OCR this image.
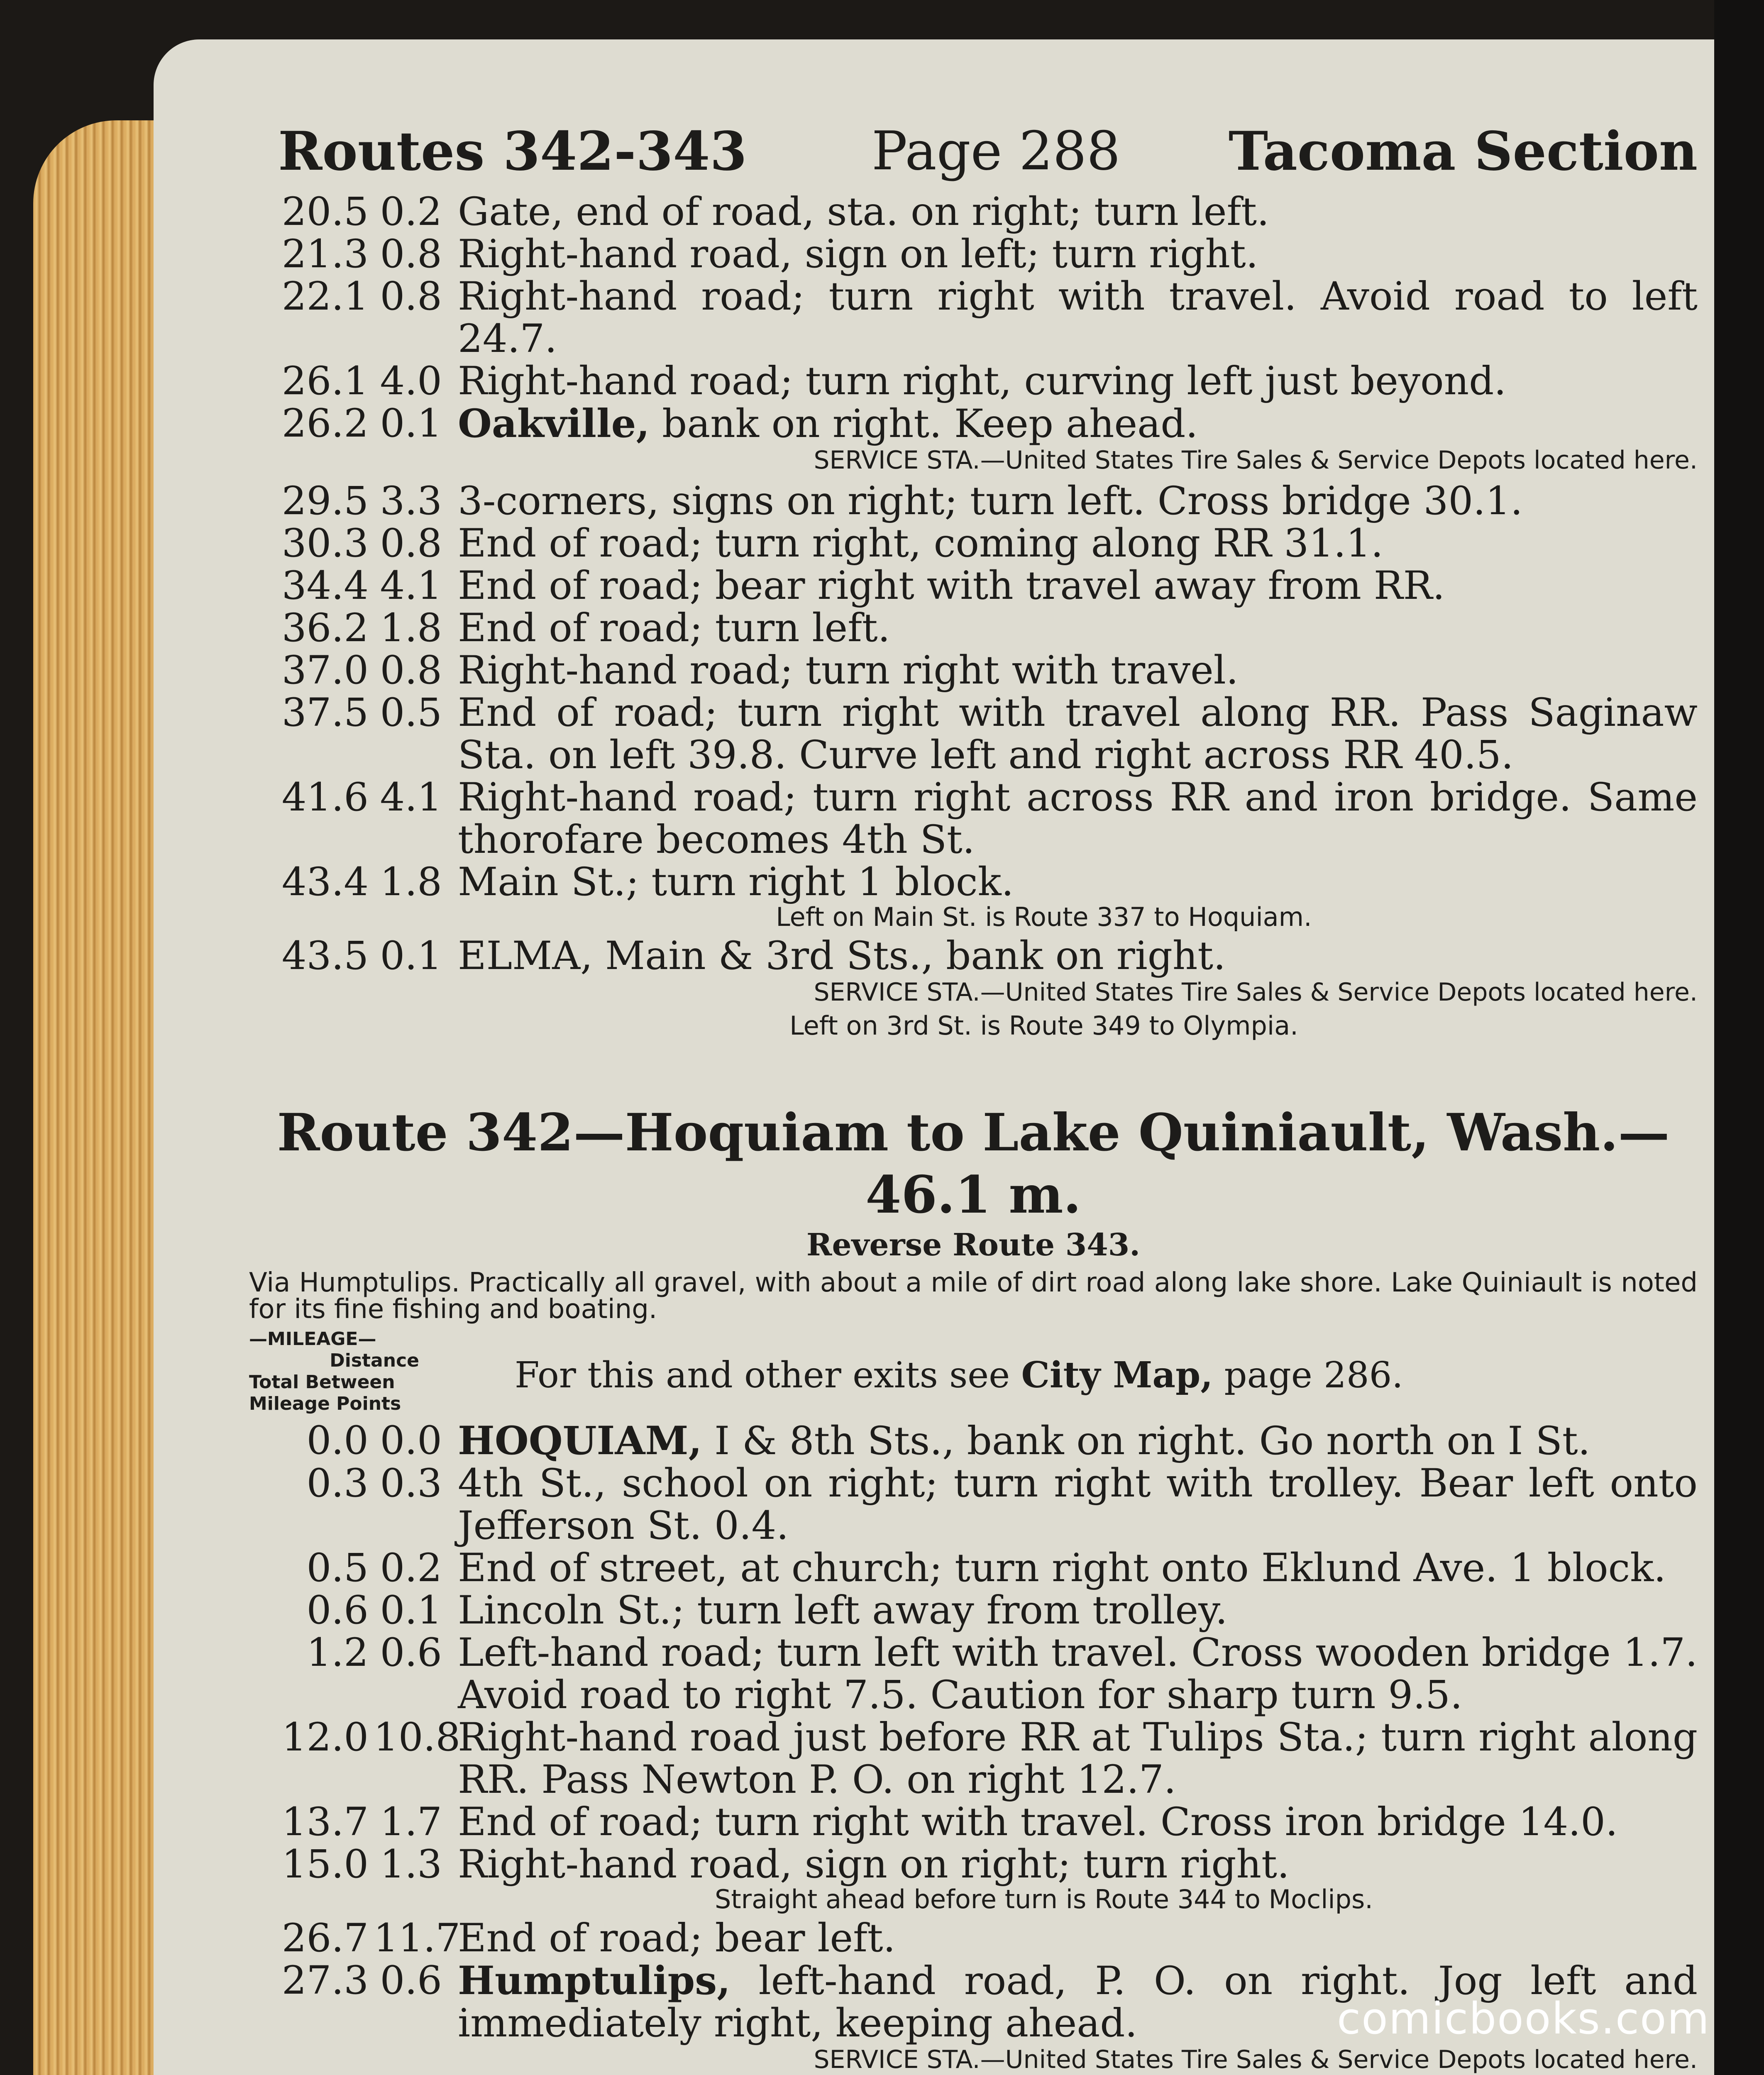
Routes 342-343 Page 288 Tacoma Section
20.5 0.2 Gate, end of road, sta. on right; turn left.
21.3 0.8 Right-hand road, sign on left; turn right.
22.1 0.8 Right-hand road; turn right with travel. Avoid road to left 24.7.
26.1 4.0 Right-hand road; turn right, curving left just beyond.
26.2 0.1 Oakville, bank on right. Keep ahead.
SERVICE STA.—United States Tire Sales & Service Depots located here.
29.5 3.3 3-corners, signs on right; turn left. Cross bridge 30.1.
30.3 0.8 End of road; turn right, coming along RR 31.1.
34.4 4.1 End of road; bear right with travel away from RR.
36.2 1.8 End of road; turn left.
37.0 0.8 Right-hand road; turn right with travel.
37.5 0.5 End of road; turn right with travel along RR. Pass Saginaw Sta. on left 39.8. Curve left and right across RR 40.5.
41.6 4.1 Right-hand road; turn right across RR and iron bridge. Same thorofare becomes 4th St.
43.4 1.8 Main St.; turn right 1 block.
Left on Main St. is Route 337 to Hoquiam.
43.5 0.1 ELMA, Main & 3rd Sts., bank on right.
SERVICE STA.—United States Tire Sales & Service Depots located here.
Left on 3rd St. is Route 349 to Olympia.
Route 342—Hoquiam to Lake Quiniault, Wash.—46.1 m.
Reverse Route 343.
Via Humptulips. Practically all gravel, with about a mile of dirt road along lake shore. Lake Quiniault is noted for its fine fishing and boating.
—MILEAGE—
Distance
Total Between
Mileage Points
For this and other exits see City Map, page 286.
0.0 0.0 HOQUIAM, I & 8th Sts., bank on right. Go north on I St.
0.3 0.3 4th St., school on right; turn right with trolley. Bear left onto Jefferson St. 0.4.
0.5 0.2 End of street, at church; turn right onto Eklund Ave. 1 block.
0.6 0.1 Lincoln St.; turn left away from trolley.
1.2 0.6 Left-hand road; turn left with travel. Cross wooden bridge 1.7. Avoid road to right 7.5. Caution for sharp turn 9.5.
12.0 10.8
Right-hand road just before RR at Tulips Sta.; turn right along RR. Pass Newton P. O. on right 12.7.
13.7 1.7 End of road; turn right with travel. Cross iron bridge 14.0.
15.0 1.3 Right-hand road, sign on right; turn right.
Straight ahead before turn is Route 344 to Moclips.
26.7 11.7
End of road; bear left.
27.3 0.6 Humptulips, left-hand road, P. O. on right. Jog left and immediately right, keeping ahead.
SERVICE STA.—United States Tire Sales & Service Depots located here.
comicbooks.com
